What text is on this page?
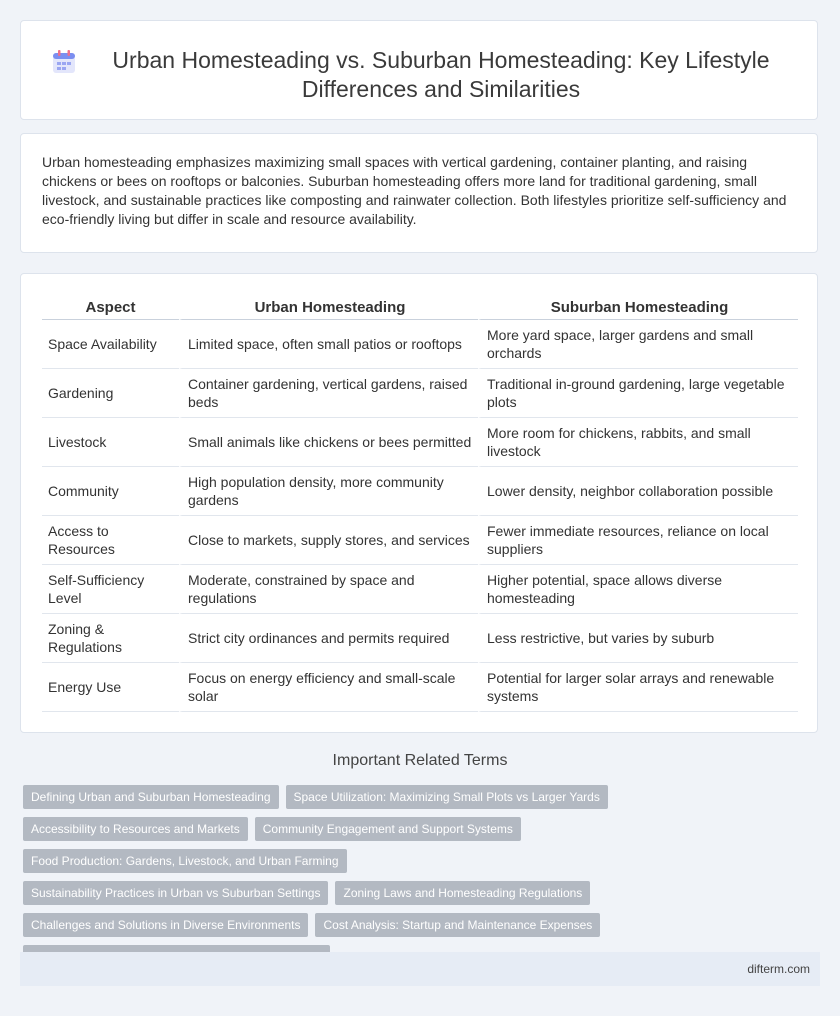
Urban Homesteading vs. Suburban Homesteading: Key Lifestyle Differences and Similarities

Urban homesteading emphasizes maximizing small spaces with vertical gardening, container planting, and raising chickens or bees on rooftops or balconies. Suburban homesteading offers more land for traditional gardening, small livestock, and sustainable practices like composting and rainwater collection. Both lifestyles prioritize self-sufficiency and eco-friendly living but differ in scale and resource availability.

Aspect	Urban Homesteading	Suburban Homesteading
Space Availability	Limited space, often small patios or rooftops	More yard space, larger gardens and small orchards
Gardening	Container gardening, vertical gardens, raised beds	Traditional in-ground gardening, large vegetable plots
Livestock	Small animals like chickens or bees permitted	More room for chickens, rabbits, and small livestock
Community	High population density, more community gardens	Lower density, neighbor collaboration possible
Access to Resources	Close to markets, supply stores, and services	Fewer immediate resources, reliance on local suppliers
Self-Sufficiency Level	Moderate, constrained by space and regulations	Higher potential, space allows diverse homesteading
Zoning & Regulations	Strict city ordinances and permits required	Less restrictive, but varies by suburb
Energy Use	Focus on energy efficiency and small-scale solar	Potential for larger solar arrays and renewable systems
Important Related Terms
Defining Urban and Suburban Homesteading	Space Utilization: Maximizing Small Plots vs Larger Yards
Accessibility to Resources and Markets	Community Engagement and Support Systems
Food Production: Gardens, Livestock, and Urban Farming
Sustainability Practices in Urban vs Suburban Settings	Zoning Laws and Homesteading Regulations
Challenges and Solutions in Diverse Environments	Cost Analysis: Startup and Maintenance Expenses
difterm.com
